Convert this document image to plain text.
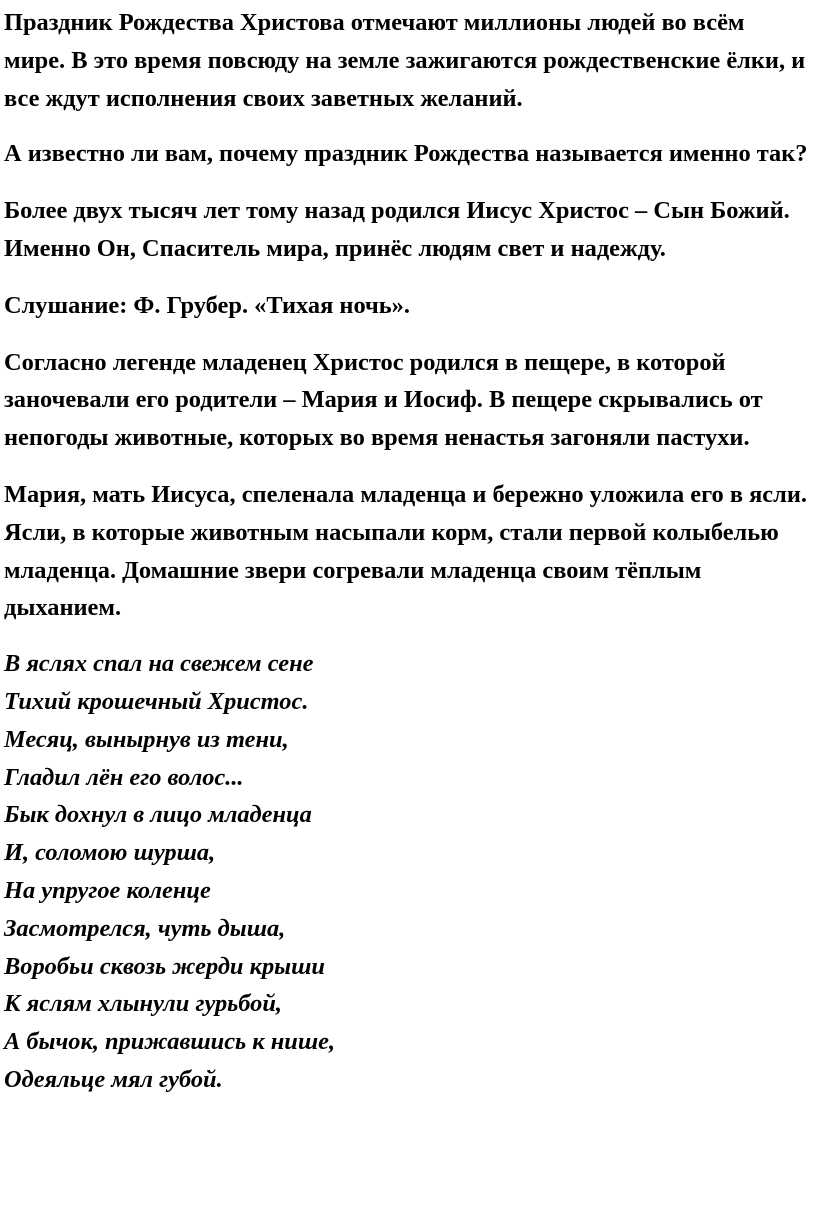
Праздник Рождества Христова отмечают миллионы людей во всём мире. В это время повсюду на земле зажигаются рождественские ёлки, и все ждут исполнения своих заветных желаний.

А известно ли вам, почему праздник Рождества называется именно так?

Более двух тысяч лет тому назад родился Иисус Христос – Сын Божий. Именно Он, Спаситель мира, принёс людям свет и надежду.

Слушание: Ф. Грубер. «Тихая ночь».

Согласно легенде младенец Христос родился в пещере, в которой заночевали его родители – Мария и Иосиф. В пещере скрывались от непогоды животные, которых во время ненастья загоняли пастухи.

Мария, мать Иисуса, спеленала младенца и бережно уложила его в ясли. Ясли, в которые животным насыпали корм, стали первой колыбелью младенца. Домашние звери согревали младенца своим тёплым дыханием.

В яслях спал на свежем сене
Тихий крошечный Христос.
Месяц, вынырнув из тени,
Гладил лён его волос...
Бык дохнул в лицо младенца
И, соломою шурша,
На упругое коленце
Засмотрелся, чуть дыша,
Воробьи сквозь жерди крыши
К яслям хлынули гурьбой,
А бычок, прижавшись к нише,
Одеяльце мял губой.
